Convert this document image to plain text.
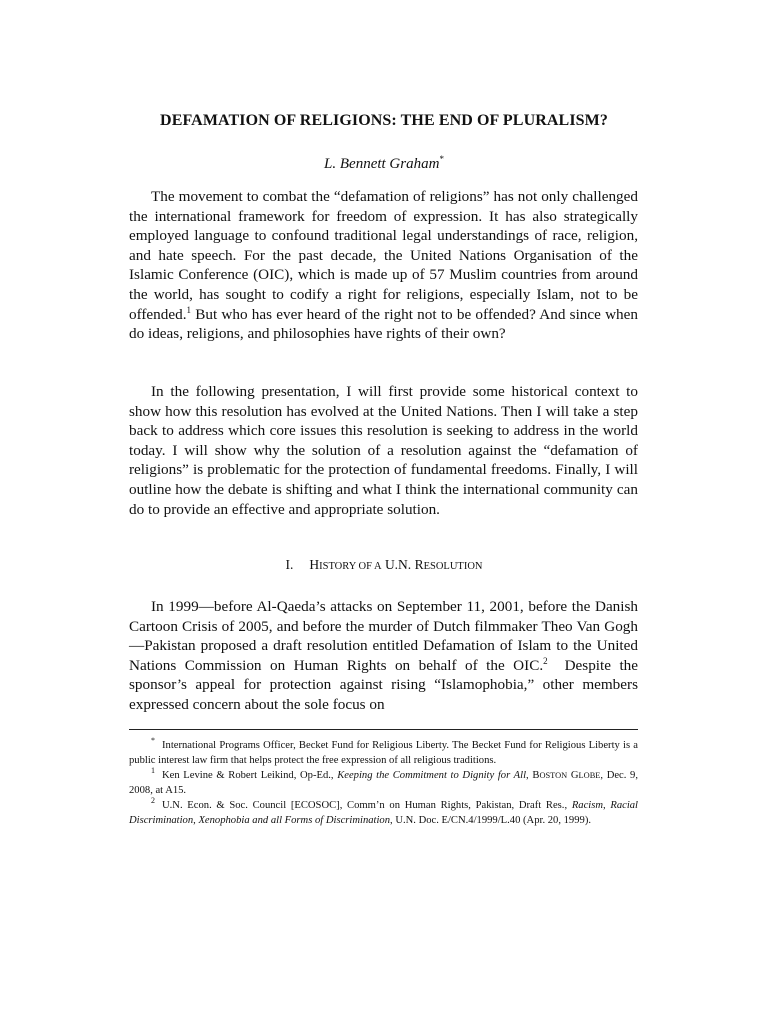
DEFAMATION OF RELIGIONS: THE END OF PLURALISM?
L. Bennett Graham*

The movement to combat the “defamation of religions” has not only challenged the international framework for freedom of expression. It has also strategically employed language to confound traditional legal understandings of race, religion, and hate speech. For the past decade, the United Nations Organisation of the Islamic Conference (OIC), which is made up of 57 Muslim countries from around the world, has sought to codify a right for religions, especially Islam, not to be offended.$^1$ But who has ever heard of the right not to be offended? And since when do ideas, religions, and philosophies have rights of their own?

In the following presentation, I will first provide some historical context to show how this resolution has evolved at the United Nations. Then I will take a step back to address which core issues this resolution is seeking to address in the world today. I will show why the solution of a resolution against the “defamation of religions” is problematic for the protection of fundamental freedoms. Finally, I will outline how the debate is shifting and what I think the international community can do to provide an effective and appropriate solution.

I. HISTORY OF A U.N. RESOLUTION

In 1999—before Al-Qaeda’s attacks on September 11, 2001, before the Danish Cartoon Crisis of 2005, and before the murder of Dutch filmmaker Theo Van Gogh—Pakistan proposed a draft resolution entitled Defamation of Islam to the United Nations Commission on Human Rights on behalf of the OIC.$^2$  Despite the sponsor’s appeal for protection against rising “Islamophobia,” other members expressed concern about the sole focus on

* International Programs Officer, Becket Fund for Religious Liberty. The Becket Fund for Religious Liberty is a public interest law firm that helps protect the free expression of all religious traditions.

$^1$ Ken Levine & Robert Leikind, Op-Ed., Keeping the Commitment to Dignity for All, BOSTON GLOBE, Dec. 9, 2008, at A15.

$^2$ U.N. Econ. & Soc. Council [ECOSOC], Comm’n on Human Rights, Pakistan, Draft Res., Racism, Racial Discrimination, Xenophobia and all Forms of Discrimination, U.N. Doc. E/CN.4/1999/L.40 (Apr. 20, 1999).
